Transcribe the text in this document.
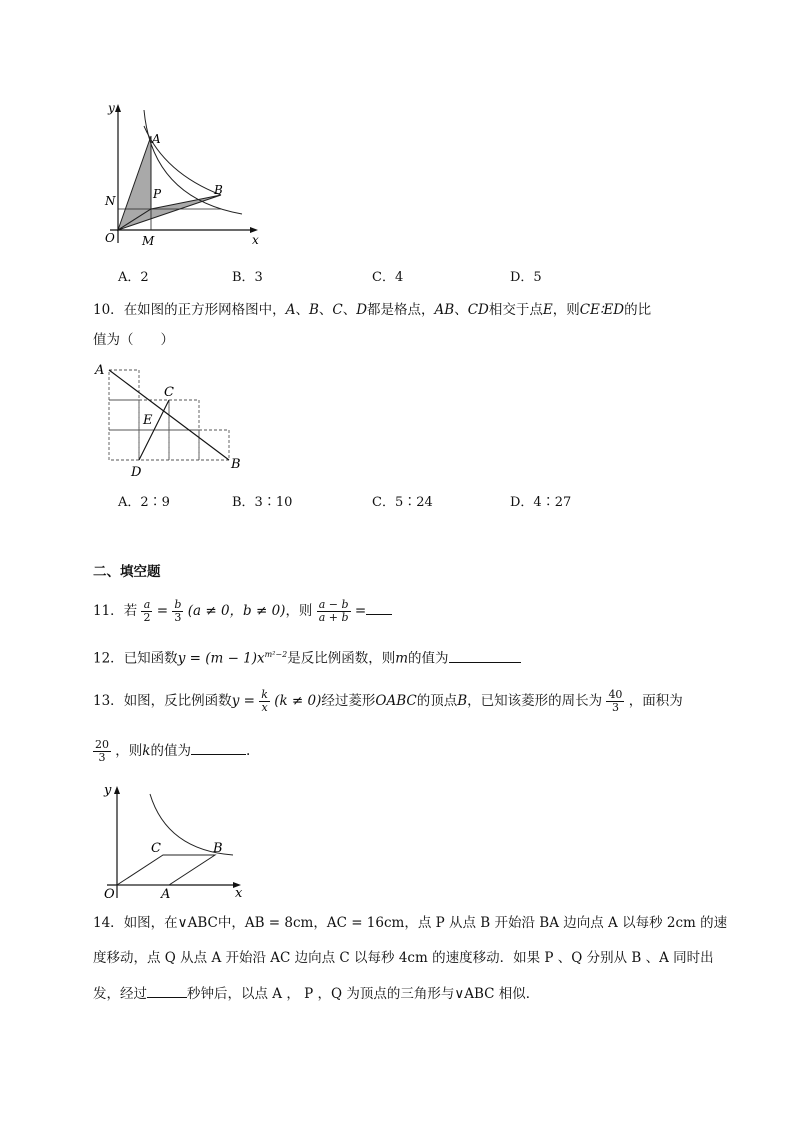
y
x
O
A
B
N	P
M
A．2	B．3	C．4	D．5
10．在如图的正方形网格图中，A、B、C、D都是格点，AB、CD相交于点E，则CE∶ED的比
值为（　　）
A
C
E
D
B
A．2∶9	B．3∶10	C．5∶24	D．4∶27
二、填空题
11．若 $\frac{a}{2} = \frac{b}{3} (a \ne 0$，b ≠ 0)，则 $\frac{a - b}{a + b}$ =
12．已知函数$y = (m - 1)x^{m^2-2}$是反比例函数，则m的值为
13．如图，反比例函数$y = \frac{k}{x} (k \ne 0)$经过菱形OABC的顶点B，已知该菱形的周长为 $\frac{40}{3}$ ，面积为
$\frac{20}{3}$ ，则k的值为	.
y
x
O	A
B
C
14．如图，在∨ABC中，AB = 8cm，AC = 16cm，点 P 从点 B 开始沿 BA 边向点 A 以每秒 2cm 的速
度移动，点 Q 从点 A 开始沿 AC 边向点 C 以每秒 4cm 的速度移动．如果 P 、Q 分别从 B 、A 同时出
发，经过	秒钟后，以点 A ， P ，Q 为顶点的三角形与∨ABC 相似．
